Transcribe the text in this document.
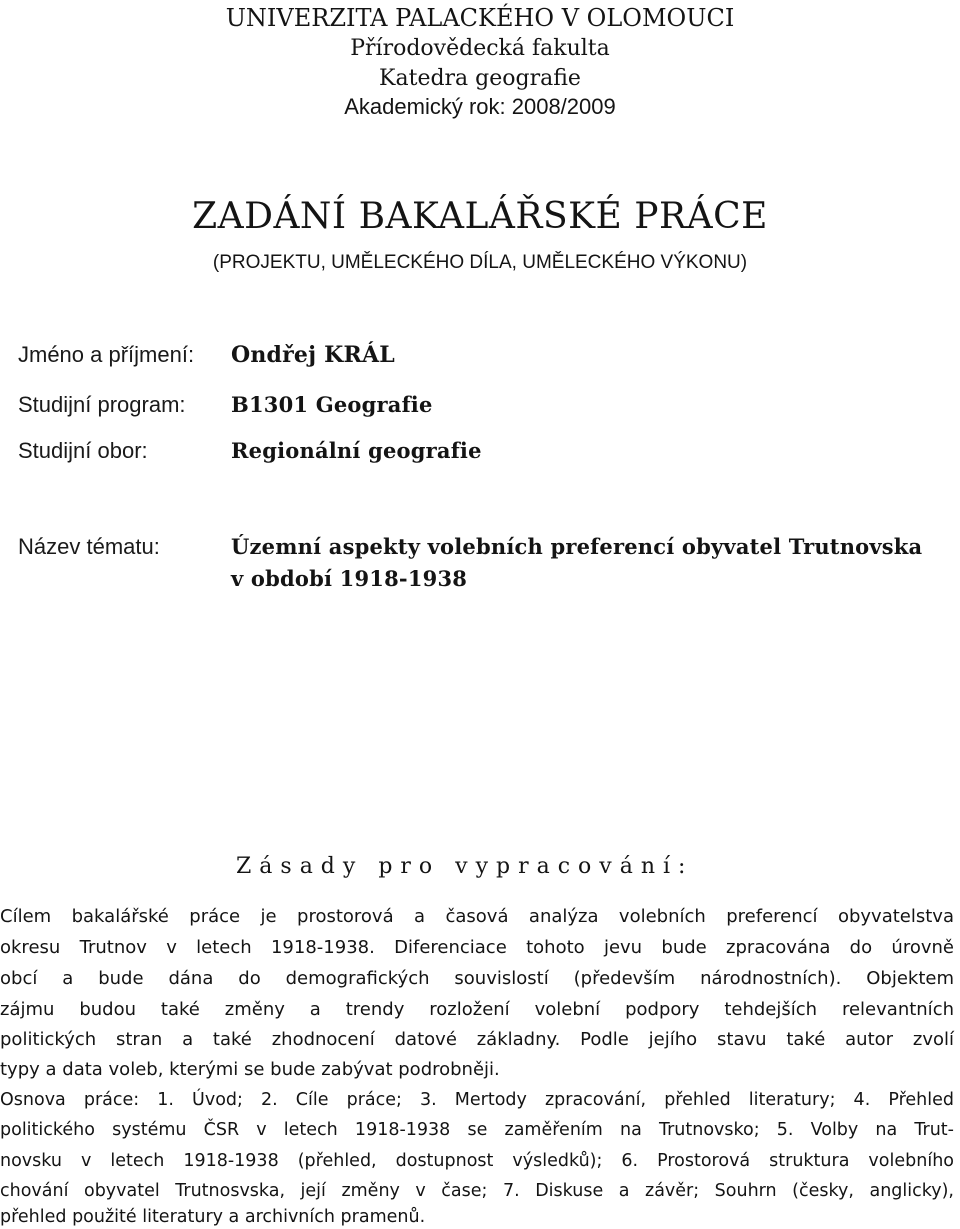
UNIVERZITA PALACKÉHO V OLOMOUCI
Přírodovědecká fakulta
Katedra geografie
Akademický rok: 2008/2009
ZADÁNÍ BAKALÁŘSKÉ PRÁCE
(PROJEKTU, UMĚLECKÉHO DÍLA, UMĚLECKÉHO VÝKONU)
Jméno a příjmení: Ondřej KRÁL
Studijní program: B1301 Geografie
Studijní obor:	Regionální geografie
Název tématu:	Územní aspekty volebních preferencí obyvatel Trutnovska
v období 1918-1938
Zásady pro vypracování:
Cílem bakalářské práce je prostorová a časová analýza volebních preferencí obyvatelstva
okresu Trutnov v letech 1918-1938. Diferenciace tohoto jevu bude zpracována do úrovně
obcí a bude dána do demografických souvislostí (především národnostních). Objektem
zájmu budou také změny a trendy rozložení volební podpory tehdejších relevantních
politických stran a také zhodnocení datové základny. Podle jejího stavu také autor zvolí
typy a data voleb, kterými se bude zabývat podrobněji.
Osnova práce: 1. Úvod; 2. Cíle práce; 3. Mertody zpracování, přehled literatury; 4. Přehled
politického systému ČSR v letech 1918-1938 se zaměřením na Trutnovsko; 5. Volby na Trut-
novsku v letech 1918-1938 (přehled, dostupnost výsledků); 6. Prostorová struktura volebního
chování obyvatel Trutnosvska, její změny v čase; 7. Diskuse a závěr; Souhrn (česky, anglicky),
přehled použité literatury a archivních pramenů.
